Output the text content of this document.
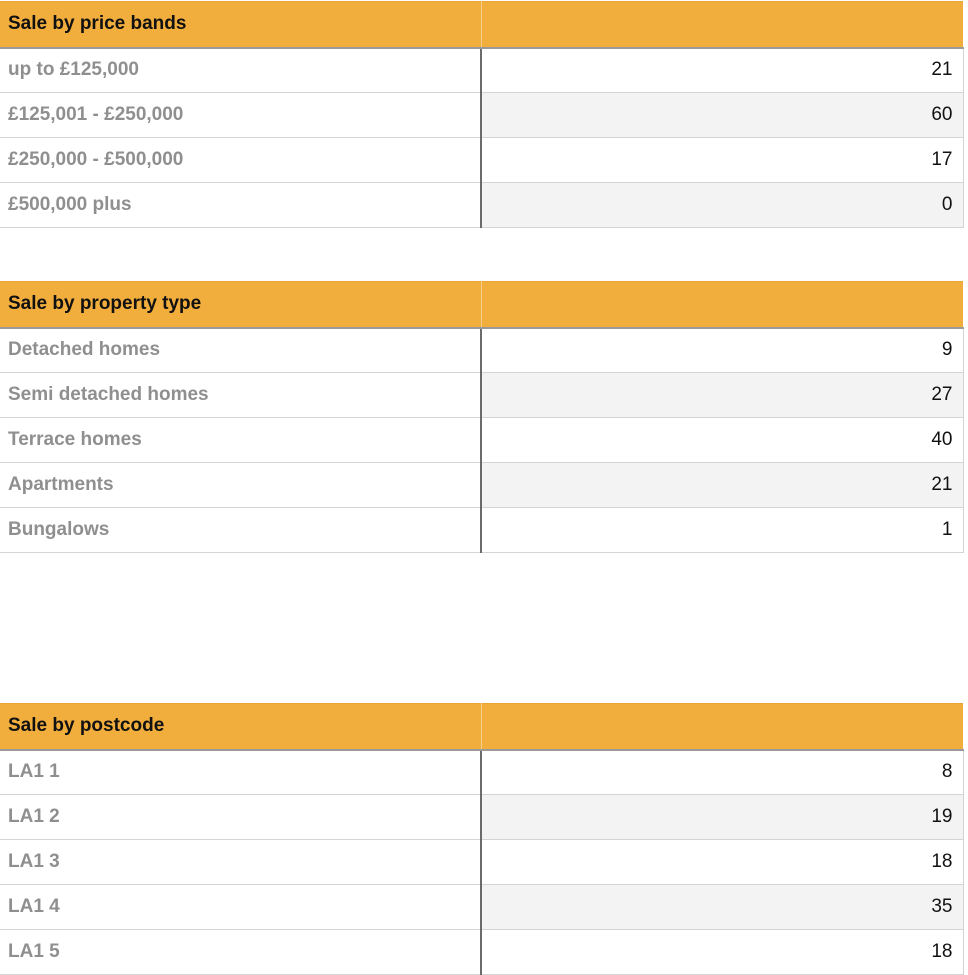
Sale by price bands	
up to £125,000	21
£125,001 - £250,000	60
£250,000 - £500,000	17
£500,000 plus	0
Sale by property type	
Detached homes	9
Semi detached homes	27
Terrace homes	40
Apartments	21
Bungalows	1
Sale by postcode	
LA1 1	8
LA1 2	19
LA1 3	18
LA1 4	35
LA1 5	18
